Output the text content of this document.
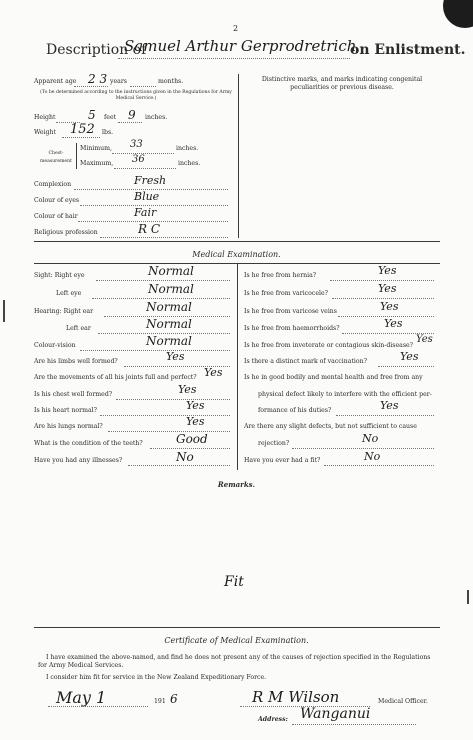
2
Description of
Samuel Arthur Gerprodretrich
on Enlistment.
Apparent age 2 3 years	months.
(To be determined according to the instructions given in the Regulations for Army Medical Service.)
Height	5 feet 9 inches.
Weight 152 lbs.
Chest-measurement
Minimum, 33	inches.
Maximum, 36	inches.
Complexion	Fresh
Colour of eyes	Blue
Colour of hair	Fair
Religious profession	R C
Distinctive marks, and marks indicating congenital peculiarities or previous disease.
Medical Examination.
Sight: Right eye	Normal
Left eye	Normal
Hearing: Right ear	Normal
Left ear	Normal
Colour-vision	Normal
Are his limbs well formed?	Yes
Are the movements of all his joints full and perfect? Yes
Is his chest well formed?	Yes
Is his heart normal?	Yes
Are his lungs normal?	Yes
What is the condition of the teeth?	Good
Have you had any illnesses?	No
Is he free from hernia?	Yes
Is he free from varicocele?	Yes
Is he free from varicose veins	Yes
Is he free from haemorrhoids?	Yes
Is he free from inveterate or contagious skin-disease?
Yes
Is there a distinct mark of vaccination?	Yes
Is he in good bodily and mental health and free from any
physical defect likely to interfere with the efficient per-
formance of his duties?	Yes
Are there any slight defects, but not sufficient to cause
rejection?	No
Have you ever had a fit?	No
Remarks.
Fit
Certificate of Medical Examination.
I have examined the above-named, and find he does not present any of the causes of rejection specified in the Regulations for Army Medical Services.
I consider him fit for service in the New Zealand Expeditionary Force.
May 1	191 6	R M Wilson	Medical Officer.
Address: Wanganui
